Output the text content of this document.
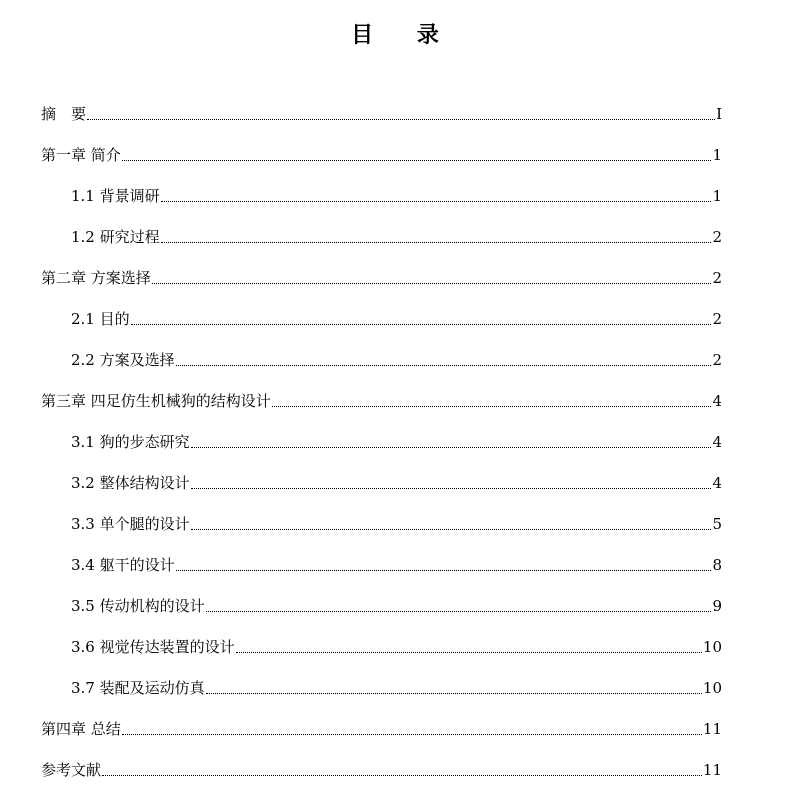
目 录
摘　要	I
第一章 简介	1
1.1 背景调研	1
1.2 研究过程	2
第二章 方案选择	2
2.1 目的	2
2.2 方案及选择	2
第三章 四足仿生机械狗的结构设计	4
3.1 狗的步态研究	4
3.2 整体结构设计	4
3.3 单个腿的设计	5
3.4 躯干的设计	8
3.5 传动机构的设计	9
3.6 视觉传达装置的设计	10
3.7 装配及运动仿真	10
第四章 总结	11
参考文献	11
